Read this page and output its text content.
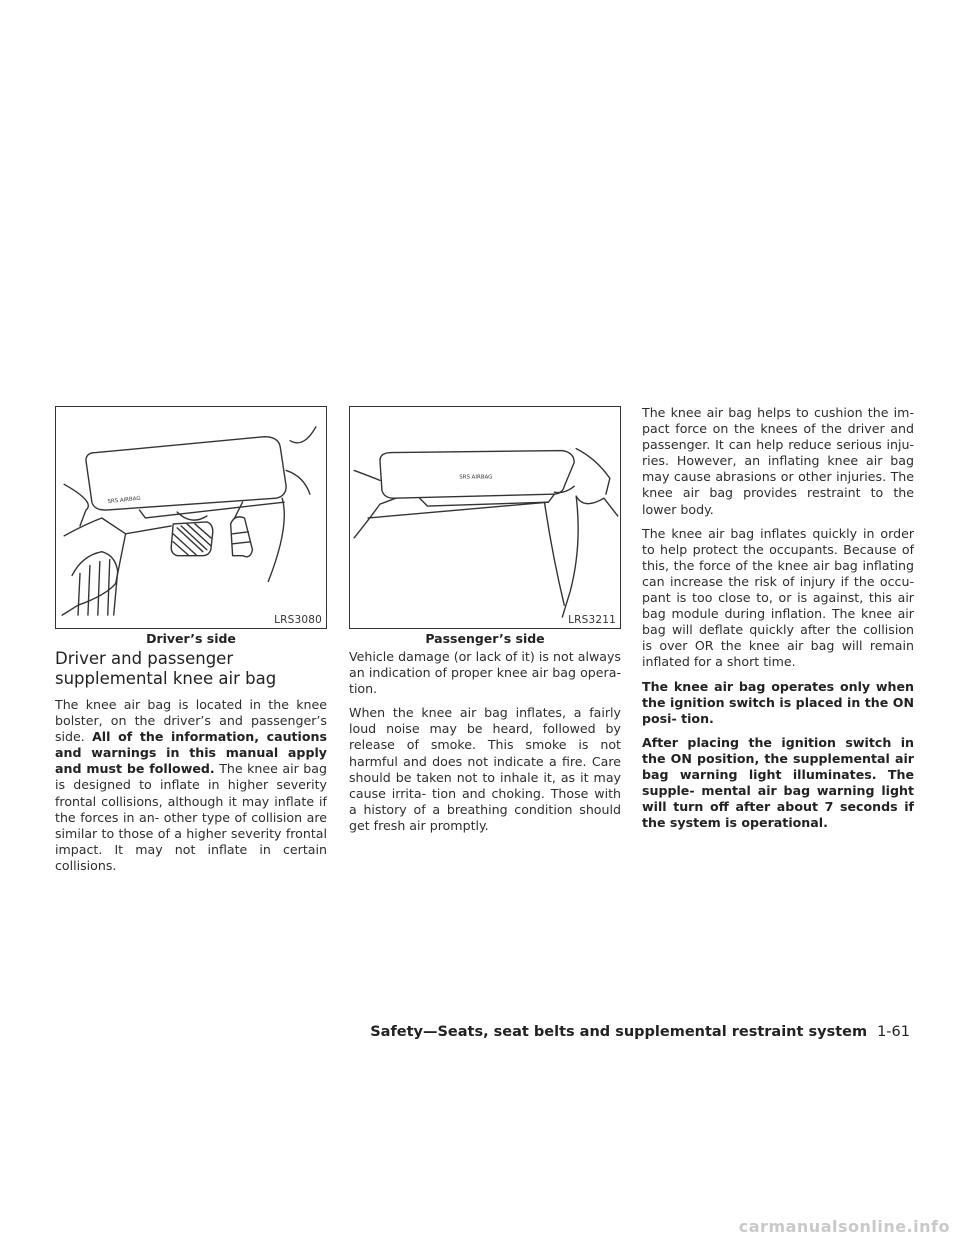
SRS AIRBAG
LRS3080
Driver’s side
SRS AIRBAG
LRS3211
Passenger’s side
Driver and passenger
supplemental knee air bag

The knee air bag is located in the knee bolster, on the driver’s and passenger’s side. All of the information, cautions and warnings in this manual apply and must be followed. The knee air bag is designed to inflate in higher severity frontal collisions, although it may inflate if the forces in an- other type of collision are similar to those of a higher severity frontal impact. It may not inflate in certain collisions.

Vehicle damage (or lack of it) is not always an indication of proper knee air bag opera- tion.

When the knee air bag inflates, a fairly loud noise may be heard, followed by release of smoke. This smoke is not harmful and does not indicate a fire. Care should be taken not to inhale it, as it may cause irrita- tion and choking. Those with a history of a breathing condition should get fresh air promptly.

The knee air bag helps to cushion the im- pact force on the knees of the driver and passenger. It can help reduce serious inju- ries. However, an inflating knee air bag may cause abrasions or other injuries. The knee air bag provides restraint to the lower body.

The knee air bag inflates quickly in order to help protect the occupants. Because of this, the force of the knee air bag inflating can increase the risk of injury if the occu- pant is too close to, or is against, this air bag module during inflation. The knee air bag will deflate quickly after the collision is over OR the knee air bag will remain inflated for a short time.

The knee air bag operates only when the ignition switch is placed in the ON posi- tion.

After placing the ignition switch in the ON position, the supplemental air bag warning light illuminates. The supple- mental air bag warning light will turn off after about 7 seconds if the system is operational.

Safety—Seats, seat belts and supplemental restraint system 1-61
carmanualsonline.info
